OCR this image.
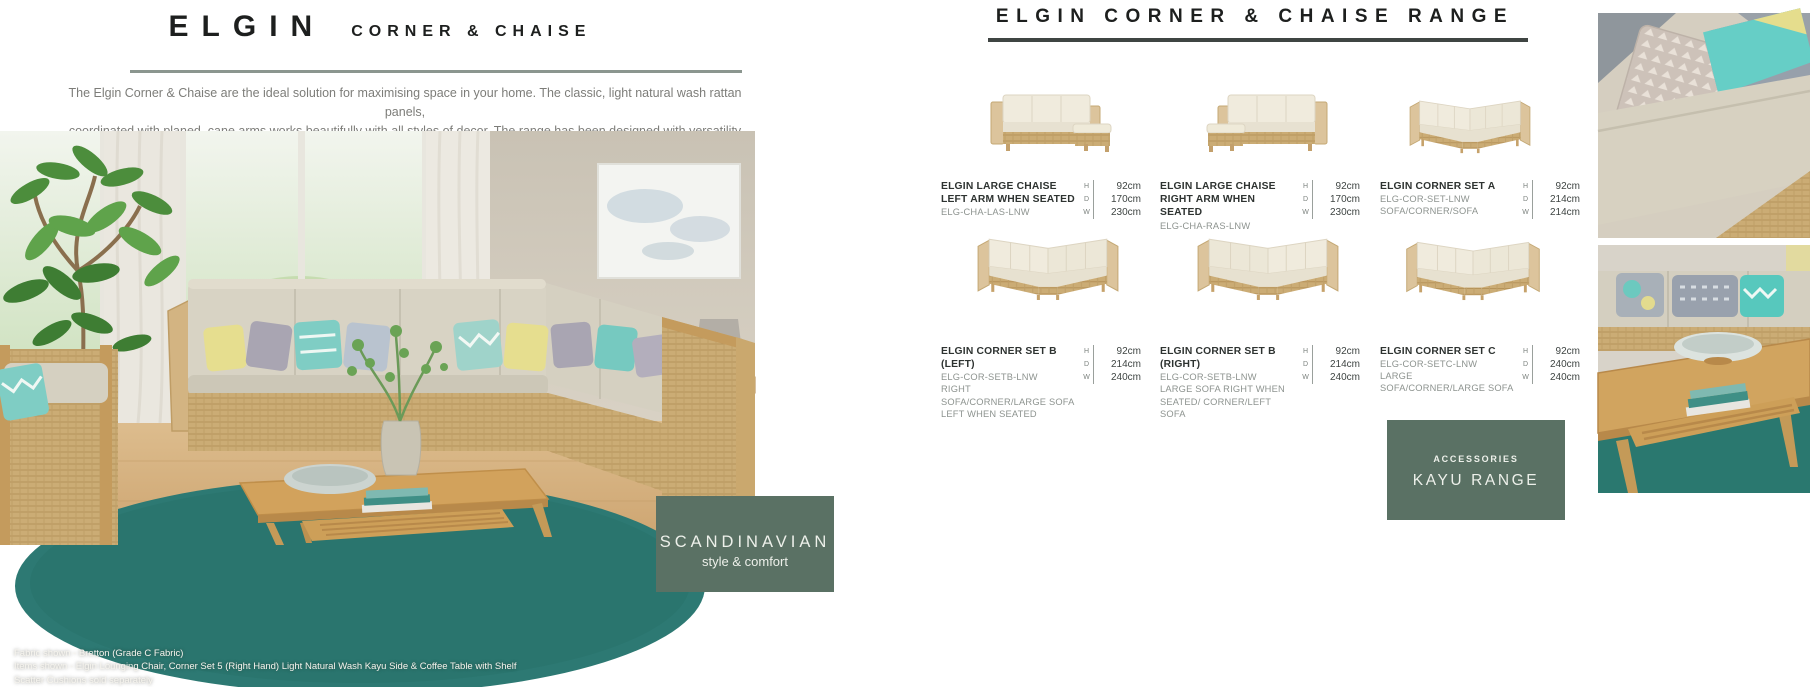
ELGIN CORNER & CHAISE
The Elgin Corner & Chaise are the ideal solution for maximising space in your home. The classic, light natural wash rattan panels,
Fabric shown - Bretton (Grade C Fabric)
Items shown - Elgin Lounging Chair, Corner Set 5 (Right Hand) Light Natural Wash Kayu Side & Coffee Table with Shelf
Scatter Cushions sold separately
SCANDINAVIAN
style & comfort
ELGIN CORNER & CHAISE RANGE
ELGIN LARGE CHAISE LEFT ARM WHEN SEATED
ELG-CHA-LAS-LNW
H	92cm
D	170cm
W	230cm
ELGIN LARGE CHAISE RIGHT ARM WHEN SEATED
ELG-CHA-RAS-LNW
H	92cm
D	170cm
W	230cm
ELGIN CORNER SET A
ELG-COR-SET-LNW
SOFA/CORNER/SOFA
H	92cm
D	214cm
W	214cm
ELGIN CORNER SET B (LEFT)
ELG-COR-SETB-LNW
RIGHT SOFA/CORNER/LARGE SOFA LEFT WHEN SEATED
H	92cm
D	214cm
W	240cm
ELGIN CORNER SET B (RIGHT)
ELG-COR-SETB-LNW
LARGE SOFA RIGHT WHEN SEATED/ CORNER/LEFT SOFA
H	92cm
D	214cm
W	240cm
ELGIN CORNER SET C
ELG-COR-SETC-LNW
LARGE SOFA/CORNER/LARGE SOFA
H	92cm
D	240cm
W	240cm
ACCESSORIES
KAYU RANGE
